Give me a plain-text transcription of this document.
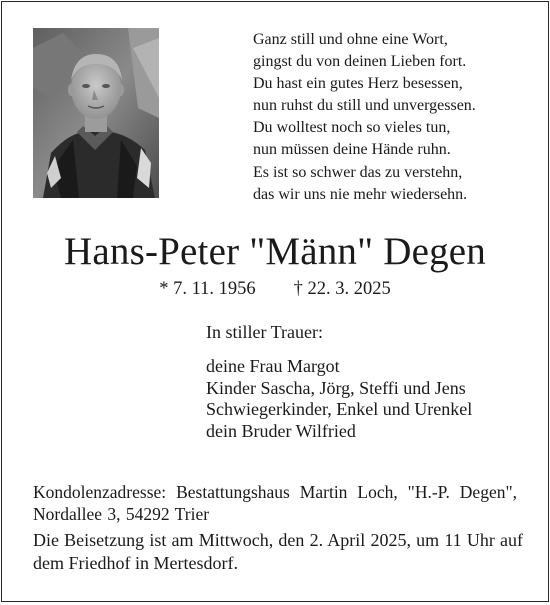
Ganz still und ohne eine Wort,
gingst du von deinen Lieben fort.
Du hast ein gutes Herz besessen,
nun ruhst du still und unvergessen.
Du wolltest noch so vieles tun,
nun müssen deine Hände ruhn.
Es ist so schwer das zu verstehn,
das wir uns nie mehr wiedersehn.
Hans-Peter "Männ" Degen
* 7. 11. 1956 † 22. 3. 2025
In stiller Trauer:
deine Frau Margot
Kinder Sascha, Jörg, Steffi und Jens
Schwiegerkinder, Enkel und Urenkel
dein Bruder Wilfried
Kondolenzadresse: Bestattungshaus Martin Loch, "H.-P. Degen", Nordallee 3, 54292 Trier
Die Beisetzung ist am Mittwoch, den 2. April 2025, um 11 Uhr auf dem Friedhof in Mertesdorf.
